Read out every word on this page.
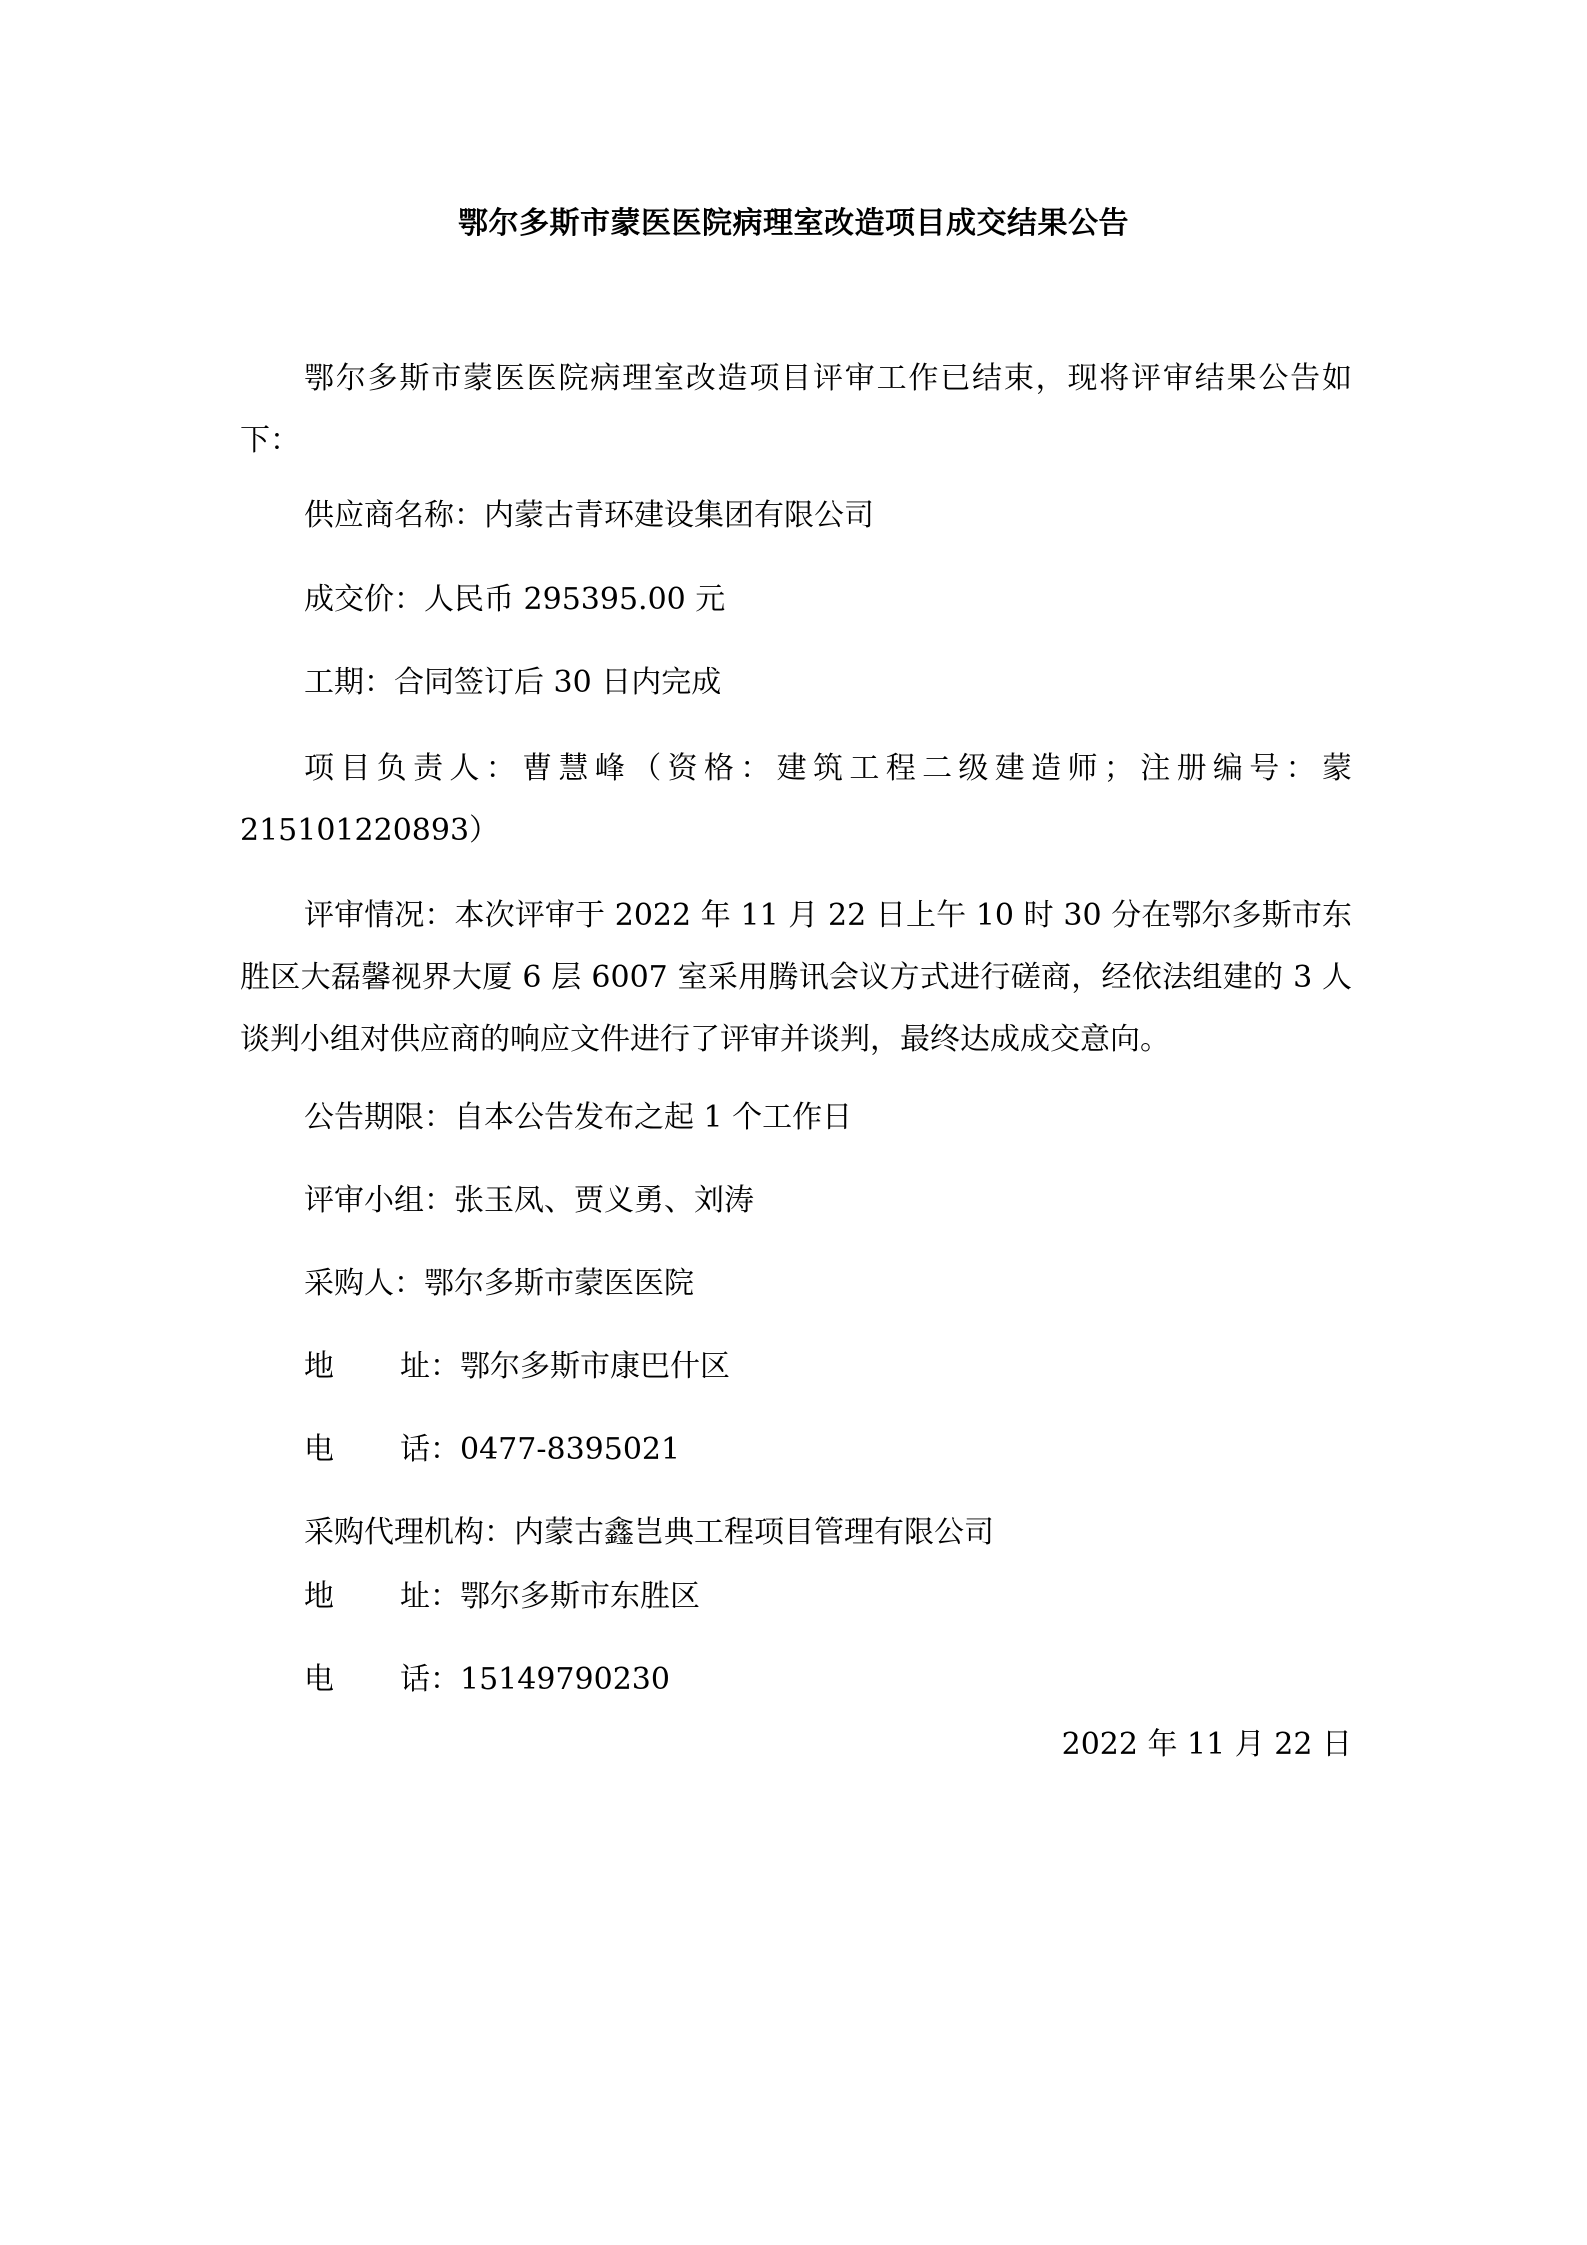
鄂尔多斯市蒙医医院病理室改造项目成交结果公告
鄂尔多斯市蒙医医院病理室改造项目评审工作已结束，现将评审结果公告如下：
供应商名称：内蒙古青环建设集团有限公司
成交价：人民币 295395.00 元
工期：合同签订后 30 日内完成
项目负责人：曹慧峰（资格：建筑工程二级建造师；注册编号：蒙215101220893）
评审情况：本次评审于 2022 年 11 月 22 日上午 10 时 30 分在鄂尔多斯市东胜区大磊馨视界大厦 6 层 6007 室采用腾讯会议方式进行磋商，经依法组建的 3 人谈判小组对供应商的响应文件进行了评审并谈判，最终达成成交意向。
公告期限：自本公告发布之起 1 个工作日
评审小组：张玉凤、贾义勇、刘涛
采购人：鄂尔多斯市蒙医医院
地 址：鄂尔多斯市康巴什区
电 话：0477-8395021
采购代理机构：内蒙古鑫岂典工程项目管理有限公司
地 址：鄂尔多斯市东胜区
电 话：15149790230
2022 年 11 月 22 日
